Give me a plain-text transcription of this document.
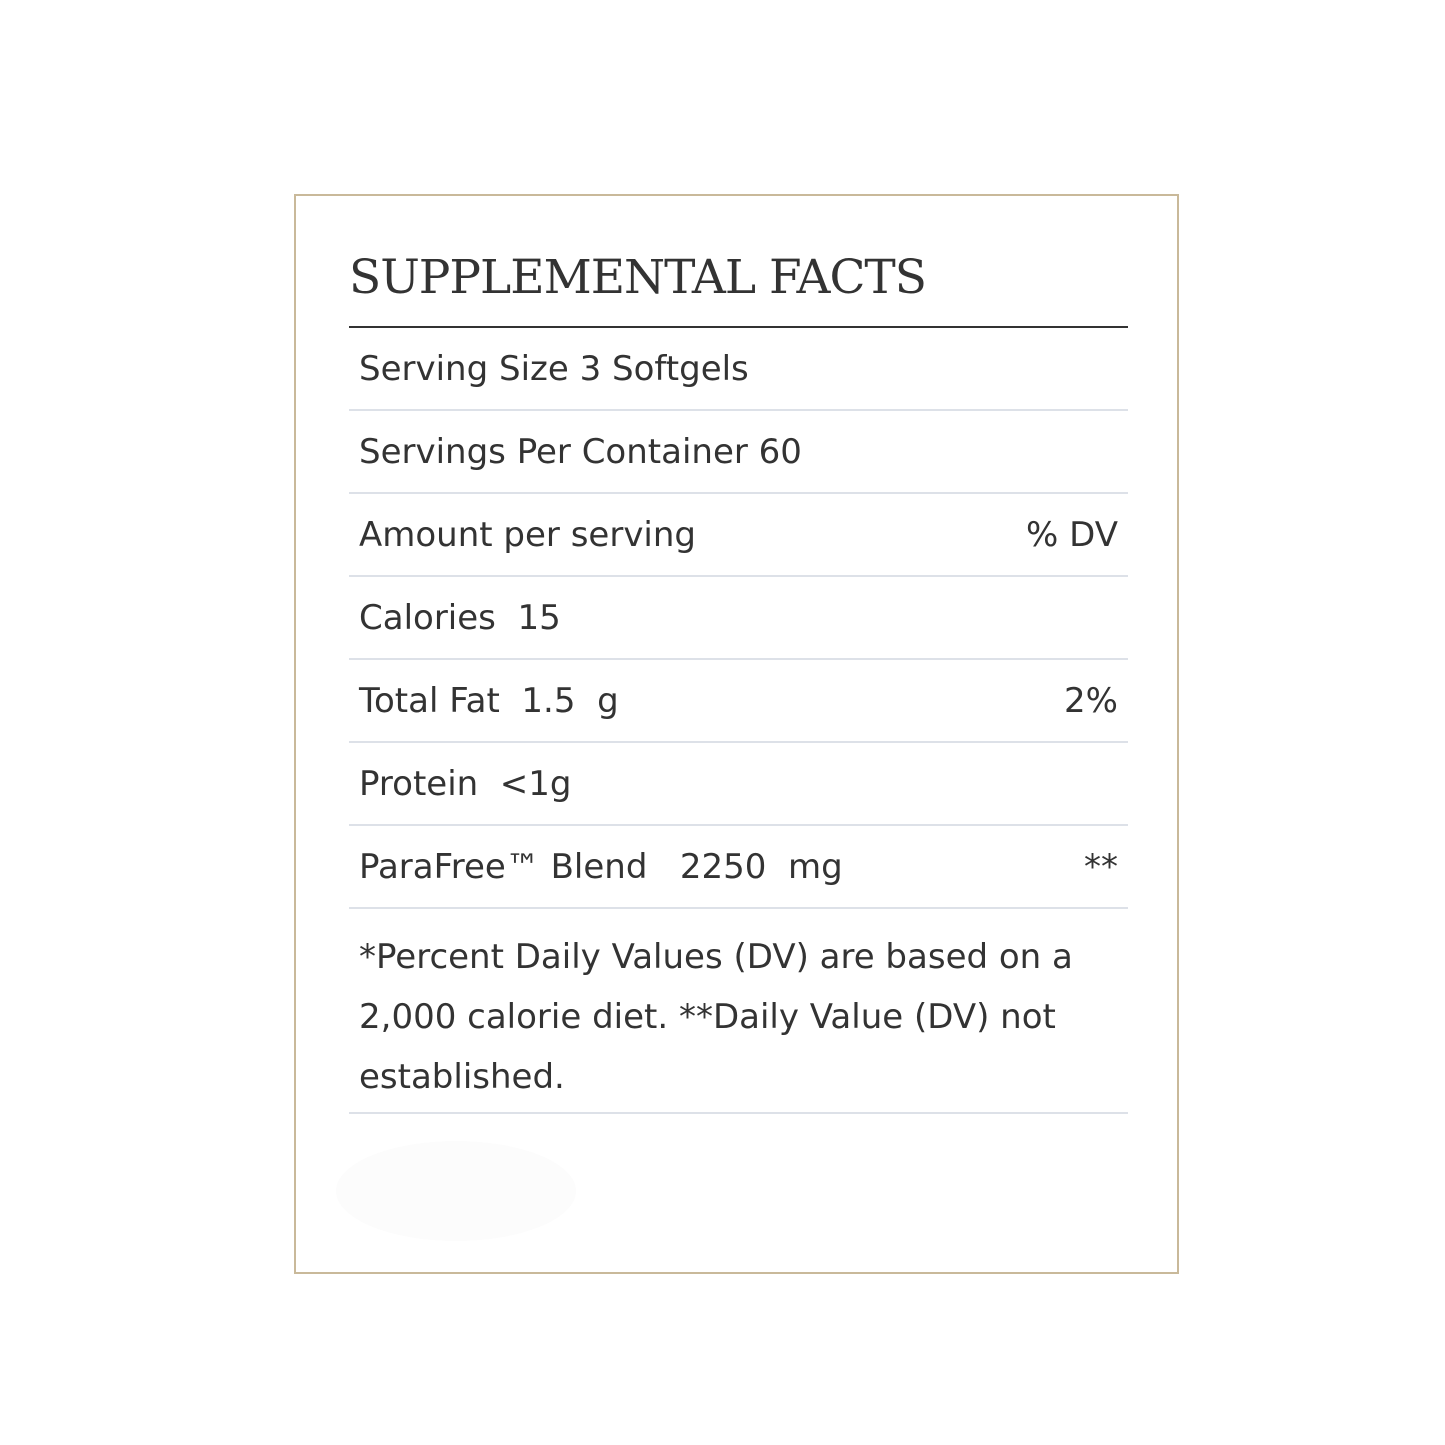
SUPPLEMENTAL FACTS
Serving Size 3 Softgels
Servings Per Container 60
Amount per serving	% DV
Calories  15
Total Fat  1.5  g	2%
Protein  <1g
ParaFree™ Blend   2250  mg	**
*Percent Daily Values (DV) are based on a 2,000 calorie diet. **Daily Value (DV) not established.
